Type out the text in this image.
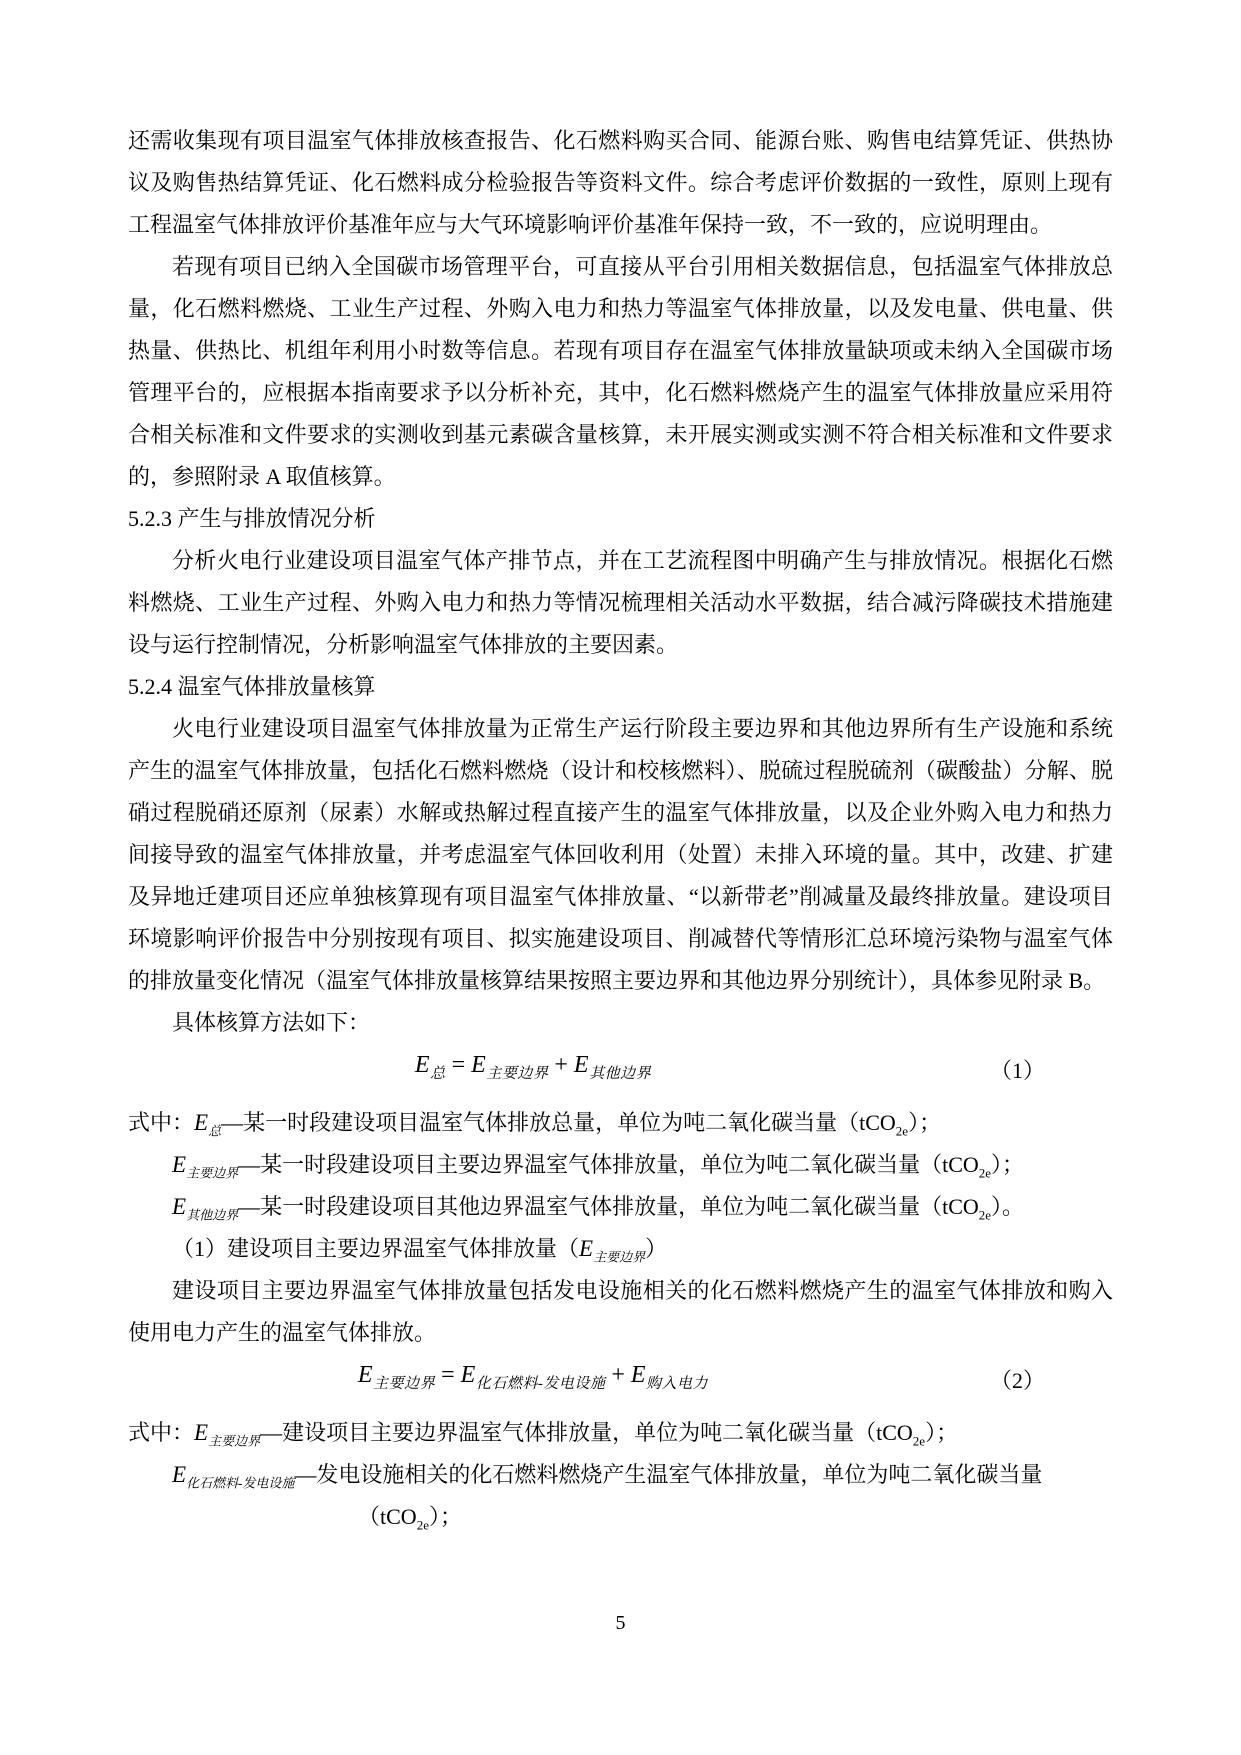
还需收集现有项目温室气体排放核查报告、化石燃料购买合同、能源台账、购售电结算凭证、供热协议及购售热结算凭证、化石燃料成分检验报告等资料文件。综合考虑评价数据的一致性，原则上现有工程温室气体排放评价基准年应与大气环境影响评价基准年保持一致，不一致的，应说明理由。
若现有项目已纳入全国碳市场管理平台，可直接从平台引用相关数据信息，包括温室气体排放总量，化石燃料燃烧、工业生产过程、外购入电力和热力等温室气体排放量，以及发电量、供电量、供热量、供热比、机组年利用小时数等信息。若现有项目存在温室气体排放量缺项或未纳入全国碳市场管理平台的，应根据本指南要求予以分析补充，其中，化石燃料燃烧产生的温室气体排放量应采用符合相关标准和文件要求的实测收到基元素碳含量核算，未开展实测或实测不符合相关标准和文件要求的，参照附录 A 取值核算。
5.2.3 产生与排放情况分析
分析火电行业建设项目温室气体产排节点，并在工艺流程图中明确产生与排放情况。根据化石燃料燃烧、工业生产过程、外购入电力和热力等情况梳理相关活动水平数据，结合减污降碳技术措施建设与运行控制情况，分析影响温室气体排放的主要因素。
5.2.4 温室气体排放量核算
火电行业建设项目温室气体排放量为正常生产运行阶段主要边界和其他边界所有生产设施和系统产生的温室气体排放量，包括化石燃料燃烧（设计和校核燃料）、脱硫过程脱硫剂（碳酸盐）分解、脱硝过程脱硝还原剂（尿素）水解或热解过程直接产生的温室气体排放量，以及企业外购入电力和热力间接导致的温室气体排放量，并考虑温室气体回收利用（处置）未排入环境的量。其中，改建、扩建及异地迁建项目还应单独核算现有项目温室气体排放量、“以新带老”削减量及最终排放量。建设项目环境影响评价报告中分别按现有项目、拟实施建设项目、削减替代等情形汇总环境污染物与温室气体的排放量变化情况（温室气体排放量核算结果按照主要边界和其他边界分别统计），具体参见附录 B。
具体核算方法如下：
$E_总 = E_{主要边界} + E_{其他边界}$	（1）
式中：$E_总—$某一时段建设项目温室气体排放总量，单位为吨二氧化碳当量（tCO$_{2e}$）；
$E_{主要边界}—$某一时段建设项目主要边界温室气体排放量，单位为吨二氧化碳当量（tCO$_{2e}$）；
$E_{其他边界}—$某一时段建设项目其他边界温室气体排放量，单位为吨二氧化碳当量（tCO$_{2e}$）。
（1）建设项目主要边界温室气体排放量$(E_{主要边界})$
建设项目主要边界温室气体排放量包括发电设施相关的化石燃料燃烧产生的温室气体排放和购入使用电力产生的温室气体排放。
$E_{主要边界} = E_{化石燃料-发电设施} + E_{购入电力}$	（2）
式中：$E_{主要边界}—$建设项目主要边界温室气体排放量，单位为吨二氧化碳当量（tCO$_{2e}$）；
$E_{化石燃料-发电设施}—$发电设施相关的化石燃料燃烧产生温室气体排放量，单位为吨二氧化碳当量
（tCO$_{2e}$）；
5
